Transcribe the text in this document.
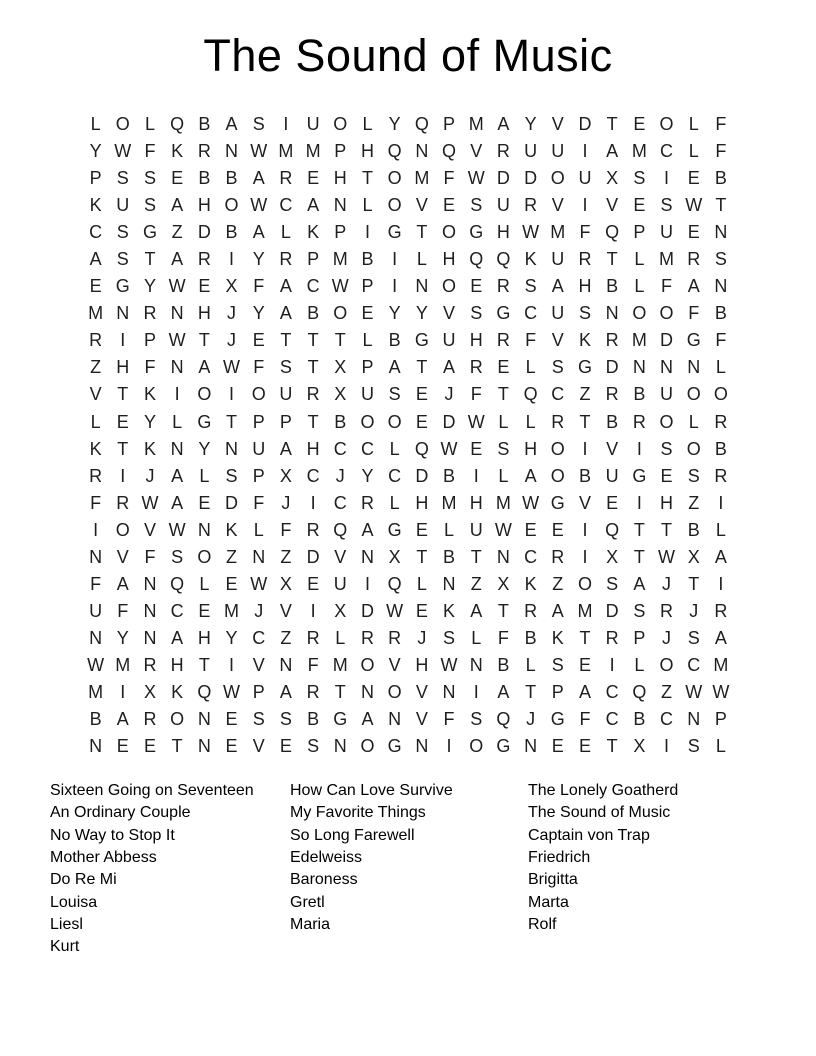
The Sound of Music
L O L Q B A S	I	U O L Y Q P M A Y V D T E O L F
Y W F K R N W M M P H Q N Q V R U U	I	A M C L F
P S S E B B A R E H T O M F W D D O U X S	I	E B
K U S A H O W C A N L O V E S U R V	I	V E S W T
C S G Z D B A L K P	I G T O G H W M F Q P U E N
A S T A R	I	Y R P M B	I	L H Q Q K U R T L M R S
E G Y W E X F A C W P	I	N O E R S A H B L F A N
M N R N H J Y A B O E Y Y V S G C U S N O O F B
R	I	P W T J E T T T L B G U H R F V K R M D G F
Z H F N A W F S T X P A T A R E L S G D N N N L
V T K	I O I O U R X U S E J F T Q C Z R B U O O
L E Y L G T P P T B O O E D W L L R T B R O L R
K T K N Y N U A H C C L Q W E S H O I	V	I	S O B
R	I	J A L S P X C J Y C D B	I	L A O B U G E S R
F R W A E D F J	I	C R L H M H M W G V E	I	H Z	I
I O V W N K L F R Q A G E L U W E E	I Q T T B L
N V F S O Z N Z D V N X T B T N C R	I	X T W X A
F A N Q L E W X E U	I Q L N Z X K Z O S A J T	I
U F N C E M J V	I	X D W E K A T R A M D S R J R
N Y N A H Y C Z R L R R J S L F B K T R P J S A
W M R H T	I	V N F M O V H W N B L S E	I	L O C M
M I	X K Q W P A R T N O V N	I	A T P A C Q Z W W
B A R O N E S S B G A N V F S Q J G F C B C N P
N E E T N E V E S N O G N	I O G N E E T X	I	S L
Sixteen Going on Seventeen
An Ordinary Couple
No Way to Stop It
Mother Abbess
Do Re Mi
Louisa
Liesl
Kurt
How Can Love Survive
My Favorite Things
So Long Farewell
Edelweiss
Baroness
Gretl
Maria
The Lonely Goatherd
The Sound of Music
Captain von Trap
Friedrich
Brigitta
Marta
Rolf
